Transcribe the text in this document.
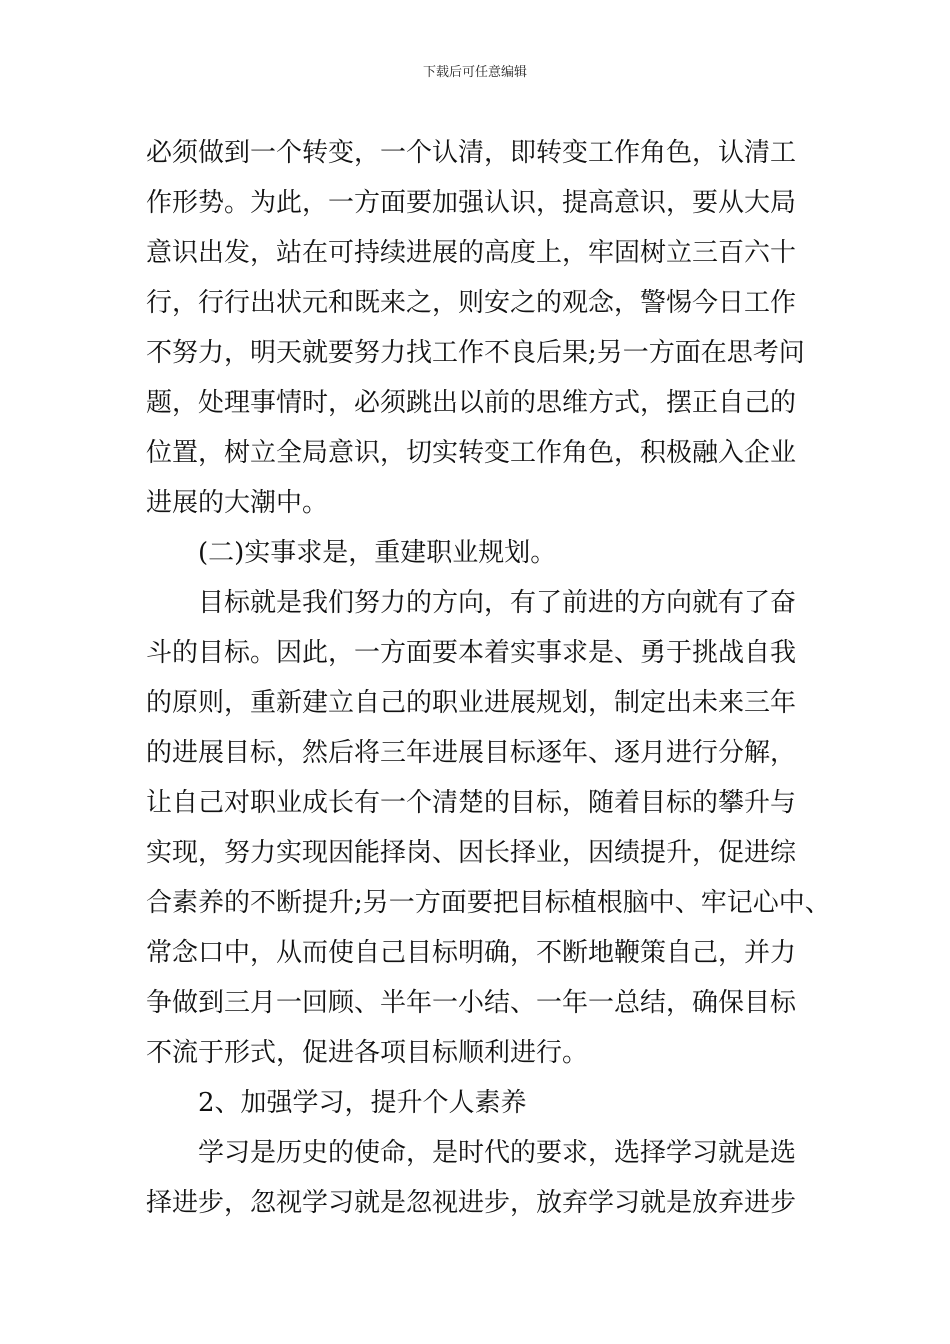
下载后可任意编辑
必须做到一个转变，一个认清，即转变工作角色，认清工
作形势。为此，一方面要加强认识，提高意识，要从大局
意识出发，站在可持续进展的高度上，牢固树立三百六十
行，行行出状元和既来之，则安之的观念，警惕今日工作
不努力，明天就要努力找工作不良后果;另一方面在思考问
题，处理事情时，必须跳出以前的思维方式，摆正自己的
位置，树立全局意识，切实转变工作角色，积极融入企业
进展的大潮中。
(二)实事求是，重建职业规划。
目标就是我们努力的方向，有了前进的方向就有了奋
斗的目标。因此，一方面要本着实事求是、勇于挑战自我
的原则，重新建立自己的职业进展规划，制定出未来三年
的进展目标，然后将三年进展目标逐年、逐月进行分解，
让自己对职业成长有一个清楚的目标，随着目标的攀升与
实现，努力实现因能择岗、因长择业，因绩提升，促进综
合素养的不断提升;另一方面要把目标植根脑中、牢记心中、
常念口中，从而使自己目标明确，不断地鞭策自己，并力
争做到三月一回顾、半年一小结、一年一总结，确保目标
不流于形式，促进各项目标顺利进行。
2、加强学习，提升个人素养
学习是历史的使命，是时代的要求，选择学习就是选
择进步，忽视学习就是忽视进步，放弃学习就是放弃进步
